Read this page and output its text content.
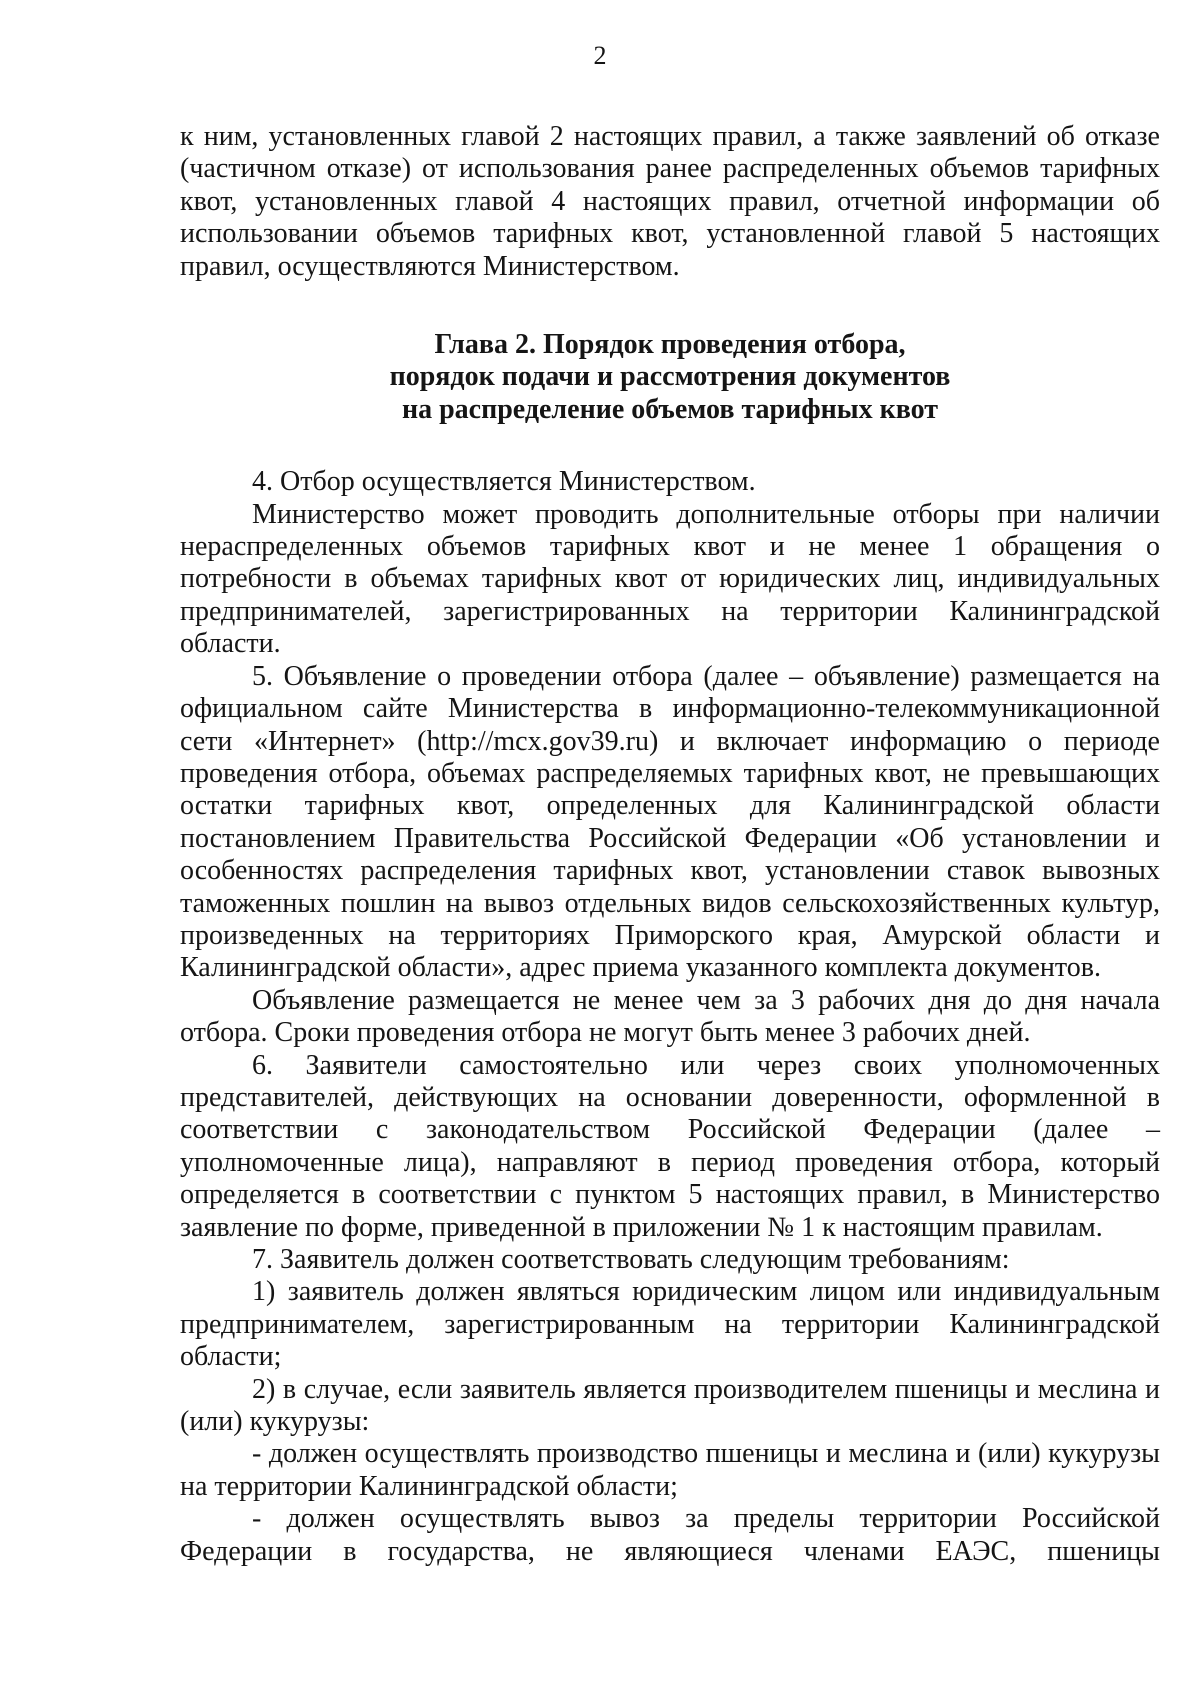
2

к ним, установленных главой 2 настоящих правил, а также заявлений об отказе (частичном отказе) от использования ранее распределенных объемов тарифных квот, установленных главой 4 настоящих правил, отчетной информации об использовании объемов тарифных квот, установленной главой 5 настоящих правил, осуществляются Министерством.

Глава 2. Порядок проведения отбора,
порядок подачи и рассмотрения документов
на распределение объемов тарифных квот

4. Отбор осуществляется Министерством.

Министерство может проводить дополнительные отборы при наличии нераспределенных объемов тарифных квот и не менее 1 обращения о потребности в объемах тарифных квот от юридических лиц, индивидуальных предпринимателей, зарегистрированных на территории Калининградской области.

5. Объявление о проведении отбора (далее – объявление) размещается на официальном сайте Министерства в информационно-телекоммуникационной сети «Интернет» (http://mcx.gov39.ru) и включает информацию о периоде проведения отбора, объемах распределяемых тарифных квот, не превышающих остатки тарифных квот, определенных для Калининградской области постановлением Правительства Российской Федерации «Об установлении и особенностях распределения тарифных квот, установлении ставок вывозных таможенных пошлин на вывоз отдельных видов сельскохозяйственных культур, произведенных на территориях Приморского края, Амурской области и Калининградской области», адрес приема указанного комплекта документов.

Объявление размещается не менее чем за 3 рабочих дня до дня начала отбора. Сроки проведения отбора не могут быть менее 3 рабочих дней.

6. Заявители самостоятельно или через своих уполномоченных представителей, действующих на основании доверенности, оформленной в соответствии с законодательством Российской Федерации (далее – уполномоченные лица), направляют в период проведения отбора, который определяется в соответствии с пунктом 5 настоящих правил, в Министерство заявление по форме, приведенной в приложении № 1 к настоящим правилам.

7. Заявитель должен соответствовать следующим требованиям:

1) заявитель должен являться юридическим лицом или индивидуальным предпринимателем, зарегистрированным на территории Калининградской области;

2) в случае, если заявитель является производителем пшеницы и меслина и (или) кукурузы:

- должен осуществлять производство пшеницы и меслина и (или) кукурузы на территории Калининградской области;

- должен осуществлять вывоз за пределы территории Российской Федерации в государства, не являющиеся членами ЕАЭС, пшеницы
